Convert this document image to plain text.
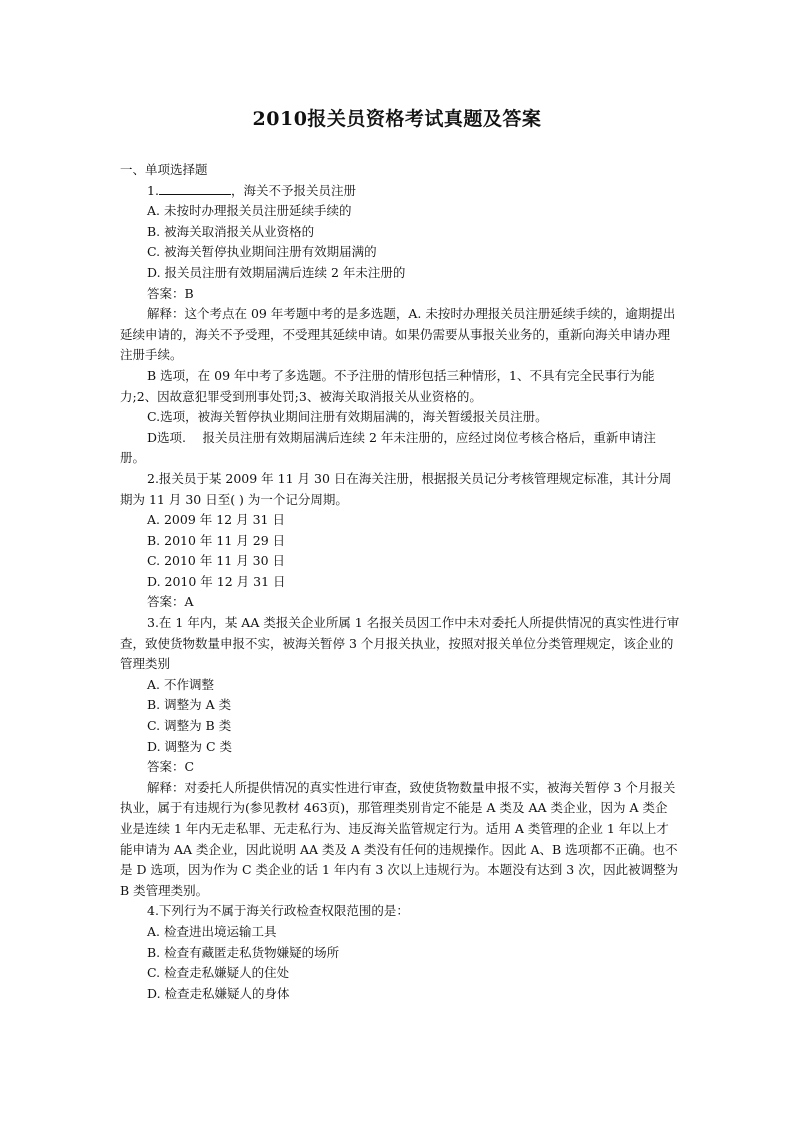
2010报关员资格考试真题及答案

一、单项选择题

1.	，海关不予报关员注册

A. 未按时办理报关员注册延续手续的

B. 被海关取消报关从业资格的

C. 被海关暂停执业期间注册有效期届满的

D. 报关员注册有效期届满后连续 2 年未注册的

答案：B

解释：这个考点在 09 年考题中考的是多选题，A. 未按时办理报关员注册延续手续的，逾期提出延续申请的，海关不予受理，不受理其延续申请。如果仍需要从事报关业务的，重新向海关申请办理注册手续。

B 选项，在 09 年中考了多选题。不予注册的情形包括三种情形，1、不具有完全民事行为能力;2、因故意犯罪受到刑事处罚;3、被海关取消报关从业资格的。

C.选项，被海关暂停执业期间注册有效期届满的，海关暂缓报关员注册。

D选项.　 报关员注册有效期届满后连续 2 年未注册的，应经过岗位考核合格后，重新申请注册。

2.报关员于某 2009 年 11 月 30 日在海关注册，根据报关员记分考核管理规定标准，其计分周期为 11 月 30 日至( ) 为一个记分周期。

A. 2009 年 12 月 31 日

B. 2010 年 11 月 29 日

C. 2010 年 11 月 30 日

D. 2010 年 12 月 31 日

答案：A

3.在 1 年内，某 AA 类报关企业所属 1 名报关员因工作中未对委托人所提供情况的真实性进行审查，致使货物数量申报不实，被海关暂停 3 个月报关执业，按照对报关单位分类管理规定，该企业的管理类别

A. 不作调整

B. 调整为 A 类

C. 调整为 B 类

D. 调整为 C 类

答案：C

解释：对委托人所提供情况的真实性进行审查，致使货物数量申报不实，被海关暂停 3 个月报关执业，属于有违规行为(参见教材 463页)，那管理类别肯定不能是 A 类及 AA 类企业，因为 A 类企业是连续 1 年内无走私罪、无走私行为、违反海关监管规定行为。适用 A 类管理的企业 1 年以上才能申请为 AA 类企业，因此说明 AA 类及 A 类没有任何的违规操作。因此 A、B 选项都不正确。也不是 D 选项，因为作为 C 类企业的话 1 年内有 3 次以上违规行为。本题没有达到 3 次，因此被调整为 B 类管理类别。

4.下列行为不属于海关行政检查权限范围的是：

A. 检查进出境运输工具

B. 检查有藏匿走私货物嫌疑的场所

C. 检查走私嫌疑人的住处

D. 检查走私嫌疑人的身体
